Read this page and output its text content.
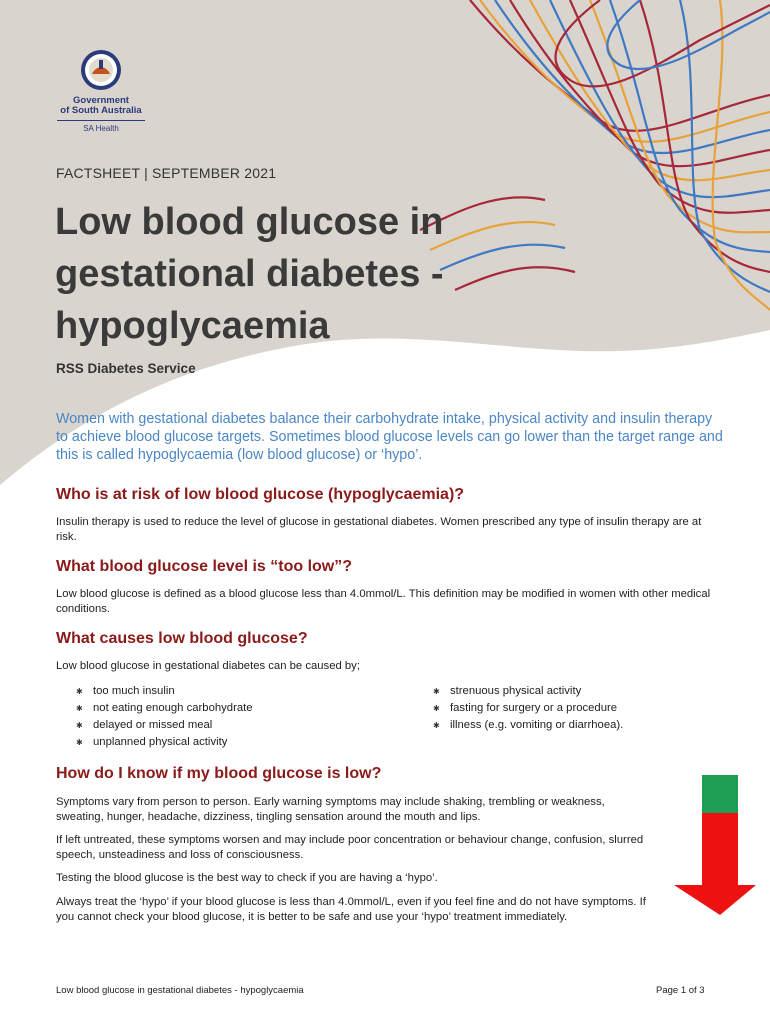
Government
of South Australia
SA Health
FACTSHEET | SEPTEMBER 2021
Low blood glucose in
gestational diabetes -
hypoglycaemia
RSS Diabetes Service
Women with gestational diabetes balance their carbohydrate intake, physical activity and insulin therapy to achieve blood glucose targets. Sometimes blood glucose levels can go lower than the target range and this is called hypoglycaemia (low blood glucose) or ‘hypo’.
Who is at risk of low blood glucose (hypoglycaemia)?

Insulin therapy is used to reduce the level of glucose in gestational diabetes. Women prescribed any type of insulin therapy are at risk.

What blood glucose level is “too low”?

Low blood glucose is defined as a blood glucose less than 4.0mmol/L. This definition may be modified in women with other medical conditions.

What causes low blood glucose?

Low blood glucose in gestational diabetes can be caused by;

✱ too much insulin
✱ not eating enough carbohydrate
✱ delayed or missed meal
✱ unplanned physical activity
✱ strenuous physical activity
✱ fasting for surgery or a procedure
✱ illness (e.g. vomiting or diarrhoea).
How do I know if my blood glucose is low?

Symptoms vary from person to person. Early warning symptoms may include shaking, trembling or weakness, sweating, hunger, headache, dizziness, tingling sensation around the mouth and lips.

If left untreated, these symptoms worsen and may include poor concentration or behaviour change, confusion, slurred speech, unsteadiness and loss of consciousness.

Testing the blood glucose is the best way to check if you are having a ‘hypo’.

Always treat the ‘hypo’ if your blood glucose is less than 4.0mmol/L, even if you feel fine and do not have symptoms. If you cannot check your blood glucose, it is better to be safe and use your ‘hypo’ treatment immediately.

Low blood glucose in gestational diabetes - hypoglycaemia	Page 1 of 3
